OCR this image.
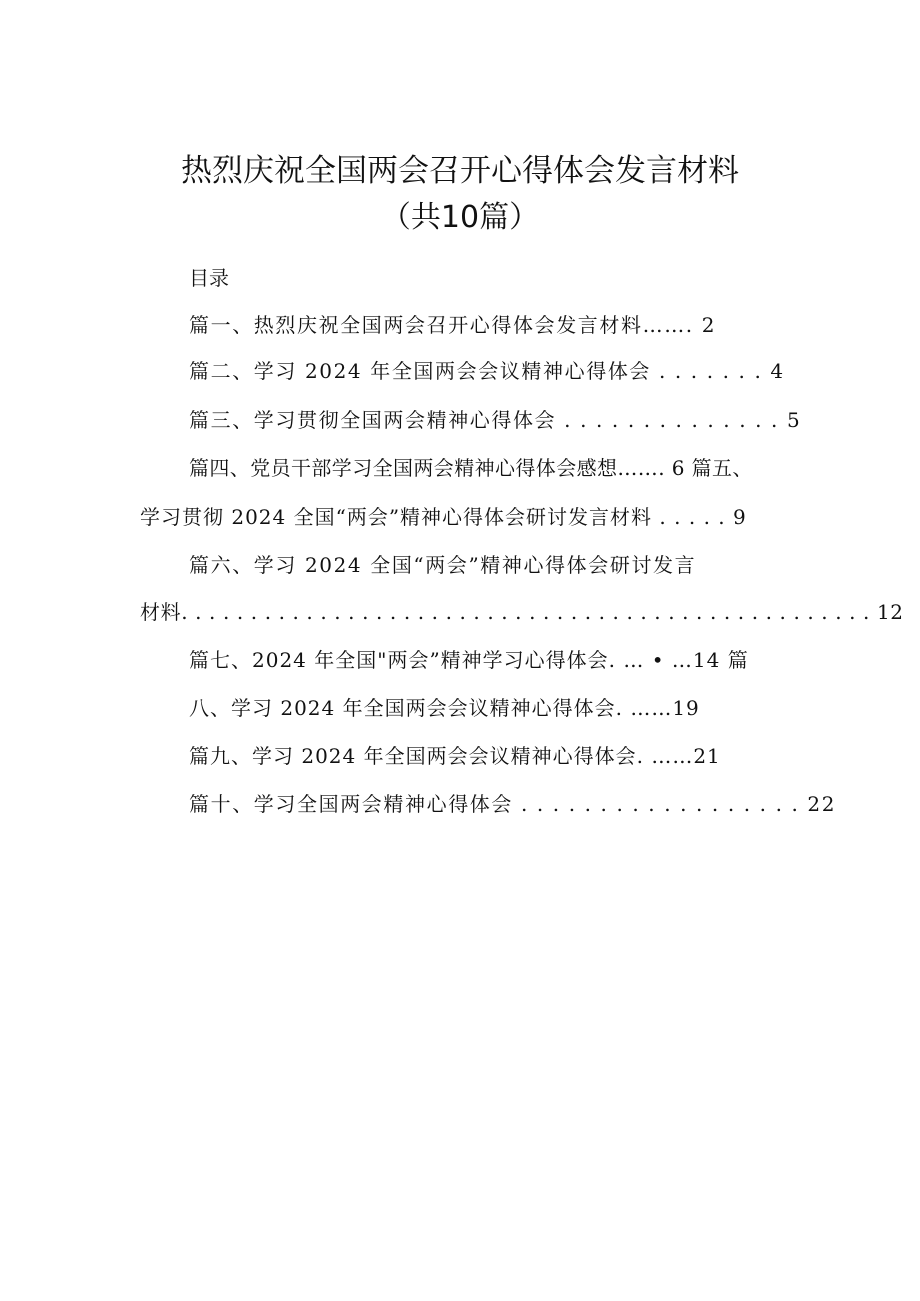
热烈庆祝全国两会召开心得体会发言材料
（共10篇）
目录
篇一、热烈庆祝全国两会召开心得体会发言材料……. 2
篇二、学习 2024 年全国两会会议精神心得体会 . . . . . . . 4
篇三、学习贯彻全国两会精神心得体会 . . . . . . . . . . . . . . 5
篇四、党员干部学习全国两会精神心得体会感想……. 6 篇五、
学习贯彻 2024 全国“两会”精神心得体会研讨发言材料 . . . . . 9
篇六、学习 2024 全国“两会”精神心得体会研讨发言
材料. . . . . . . . . . . . . . . . . . . . . . . . . . . . . . . . . . . . . . . . . . . . . . . . . . 12
篇七、2024 年全国"两会”精神学习心得体会. … • …14 篇
八、学习 2024 年全国两会会议精神心得体会. ……19
篇九、学习 2024 年全国两会会议精神心得体会. ……21
篇十、学习全国两会精神心得体会 . . . . . . . . . . . . . . . . . . 22
